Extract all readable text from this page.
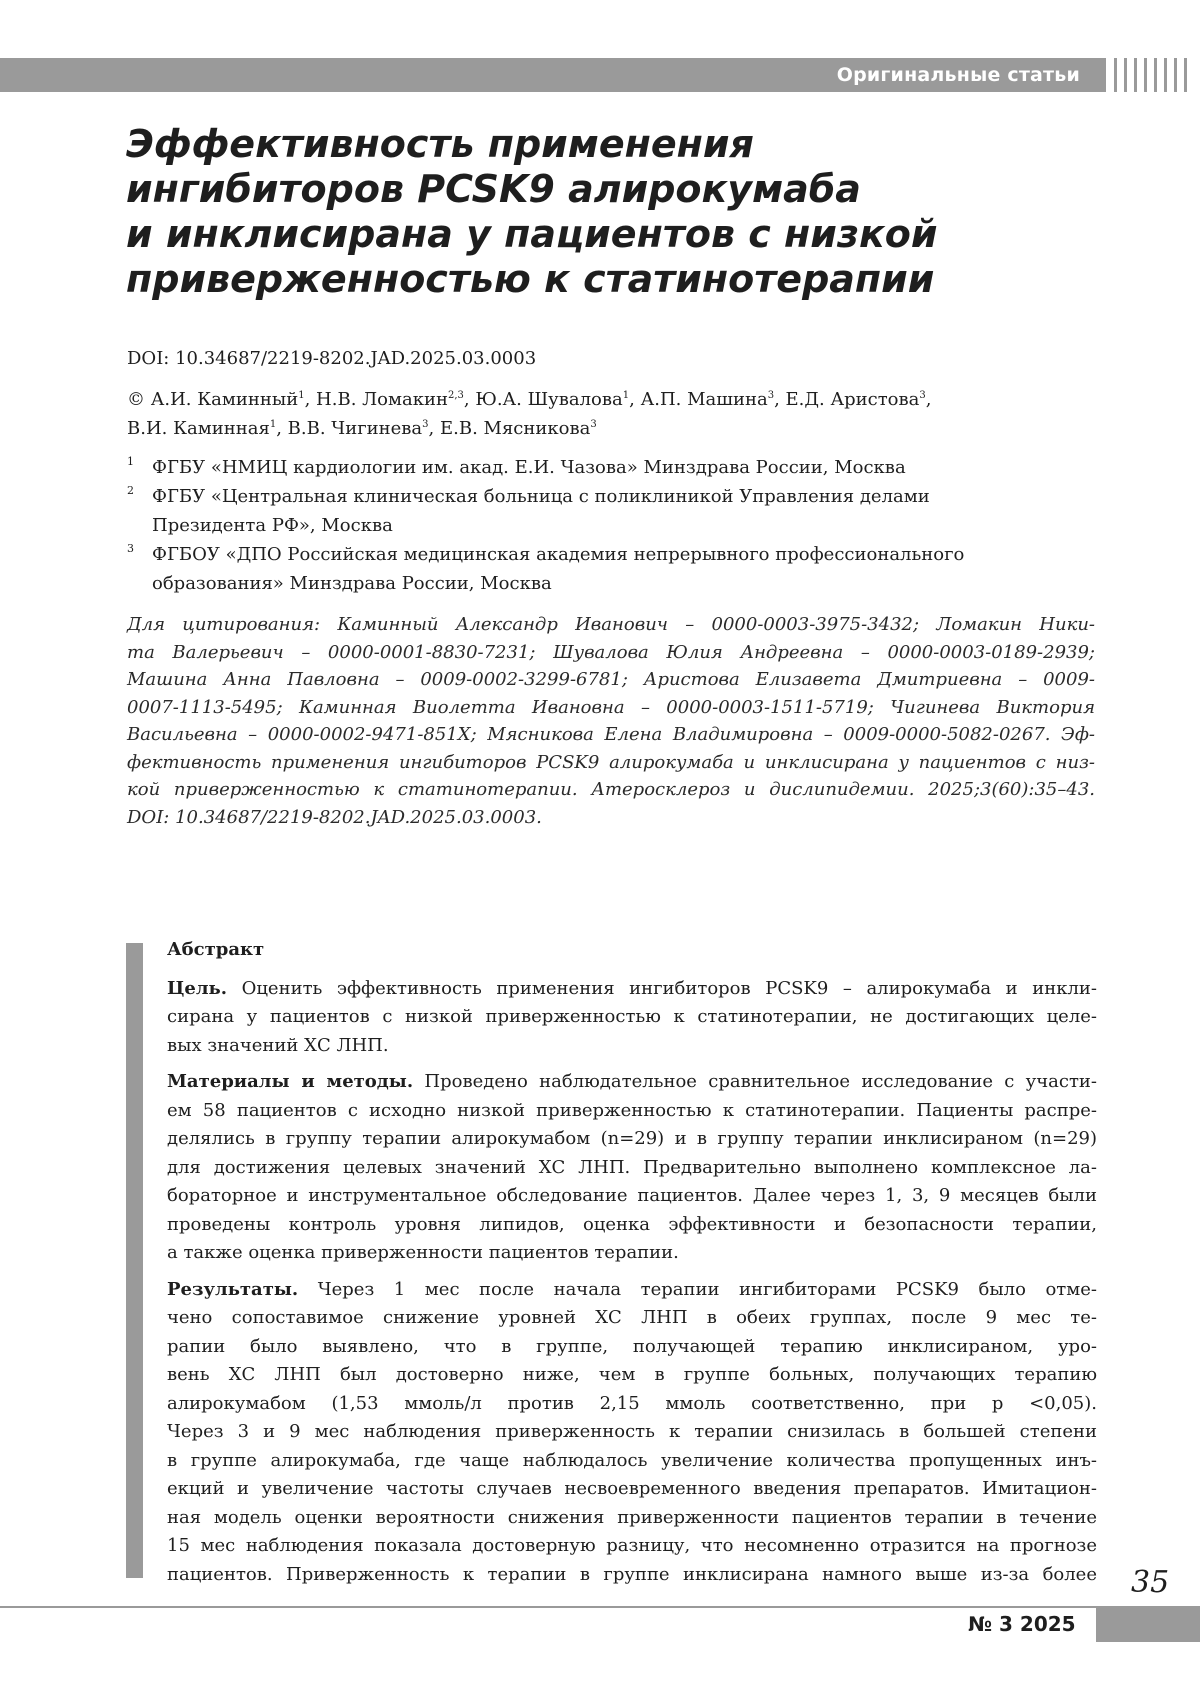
Оригинальные статьи
Эффективность применения
ингибиторов PCSK9 алирокумаба
и инклисирана у пациентов с низкой
приверженностью к статинотерапии
DOI: 10.34687/2219-8202.JAD.2025.03.0003
© А.И. Каминный1, Н.В. Ломакин2,3, Ю.А. Шувалова1, А.П. Машина3, Е.Д. Аристова3,
В.И. Каминная1, В.В. Чигинева3, Е.В. Мясникова3
1 ФГБУ «НМИЦ кардиологии им. акад. Е.И. Чазова» Минздрава России, Москва
2 ФГБУ «Центральная клиническая больница с поликлиникой Управления делами
Президента РФ», Москва
3 ФГБОУ «ДПО Российская медицинская академия непрерывного профессионального
образования» Минздрава России, Москва
Для цитирования: Каминный Александр Иванович – 0000-0003-3975-3432; Ломакин Ники-
та Валерьевич – 0000-0001-8830-7231; Шувалова Юлия Андреевна – 0000-0003-0189-2939;
Машина Анна Павловна – 0009-0002-3299-6781; Аристова Елизавета Дмитриевна – 0009-
0007-1113-5495; Каминная Виолетта Ивановна – 0000-0003-1511-5719; Чигинева Виктория
Васильевна – 0000-0002-9471-851X; Мясникова Елена Владимировна – 0009-0000-5082-0267. Эф-
фективность применения ингибиторов PCSK9 алирокумаба и инклисирана у пациентов с низ-
кой приверженностью к статинотерапии. Атеросклероз и дислипидемии. 2025;3(60):35–43.
DOI: 10.34687/2219-8202.JAD.2025.03.0003.
Абстракт
Цель. Оценить эффективность применения ингибиторов PCSK9 – алирокумаба и инкли-
сирана у пациентов с низкой приверженностью к статинотерапии, не достигающих целе-
вых значений ХС ЛНП.
Материалы и методы. Проведено наблюдательное сравнительное исследование с участи-
ем 58 пациентов с исходно низкой приверженностью к статинотерапии. Пациенты распре-
делялись в группу терапии алирокумабом (n=29) и в группу терапии инклисираном (n=29)
для достижения целевых значений ХС ЛНП. Предварительно выполнено комплексное ла-
бораторное и инструментальное обследование пациентов. Далее через 1, 3, 9 месяцев были
проведены контроль уровня липидов, оценка эффективности и безопасности терапии,
а также оценка приверженности пациентов терапии.
Результаты. Через 1 мес после начала терапии ингибиторами PCSK9 было отме-
чено сопоставимое снижение уровней ХС ЛНП в обеих группах, после 9 мес те-
рапии было выявлено, что в группе, получающей терапию инклисираном, уро-
вень ХС ЛНП был достоверно ниже, чем в группе больных, получающих терапию
алирокумабом (1,53 ммоль/л против 2,15 ммоль соответственно, при p <0,05).
Через 3 и 9 мес наблюдения приверженность к терапии снизилась в большей степени
в группе алирокумаба, где чаще наблюдалось увеличение количества пропущенных инъ-
екций и увеличение частоты случаев несвоевременного введения препаратов. Имитацион-
ная модель оценки вероятности снижения приверженности пациентов терапии в течение
15 мес наблюдения показала достоверную разницу, что несомненно отразится на прогнозе
пациентов. Приверженность к терапии в группе инклисирана намного выше из-за более 35
№ 3 2025
